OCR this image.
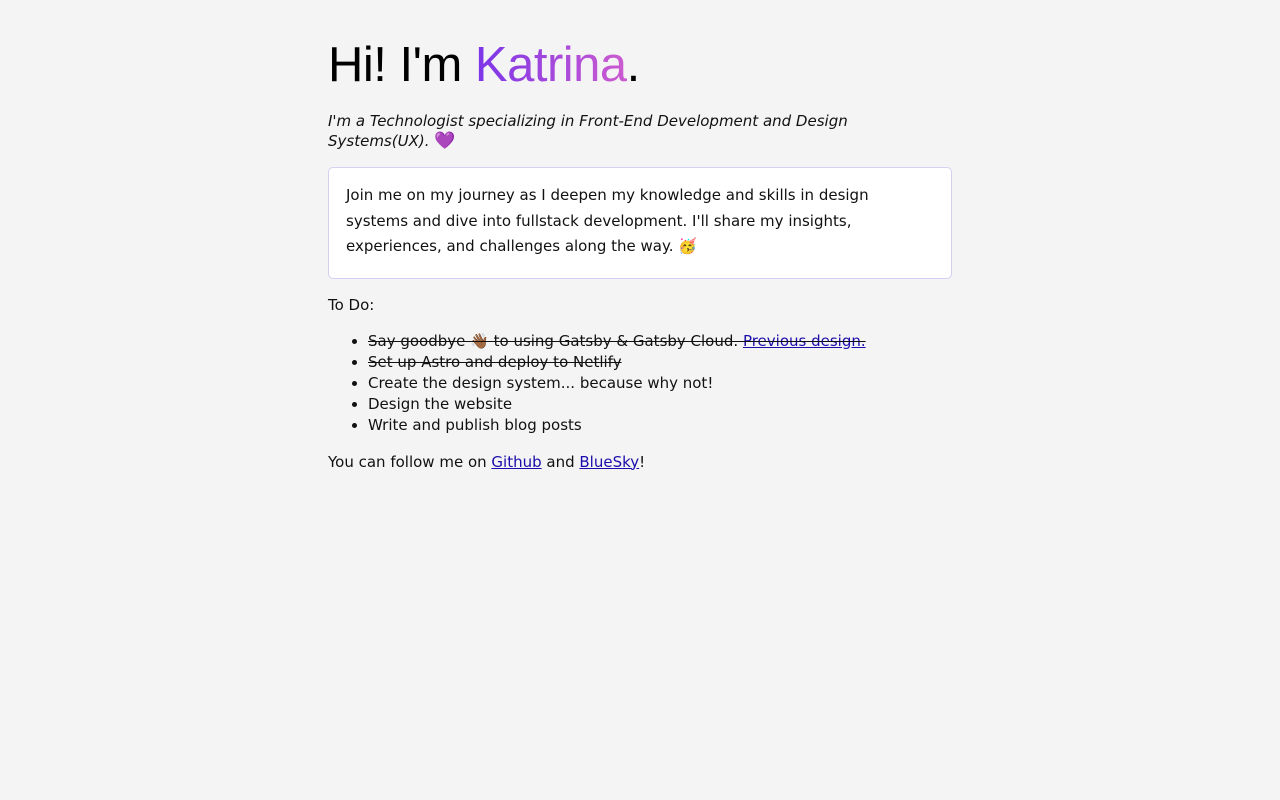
Hi! I'm Katrina.

I'm a Technologist specializing in Front-End Development and Design Systems(UX). 💜

Join me on my journey as I deepen my knowledge and skills in design systems and dive into fullstack development. I'll share my insights, experiences, and challenges along the way. 🥳

To Do:

• Say goodbye 👋🏾 to using Gatsby & Gatsby Cloud. Previous design.
• Set up Astro and deploy to Netlify
• Create the design system... because why not!
• Design the website
• Write and publish blog posts

You can follow me on Github and BlueSky!
